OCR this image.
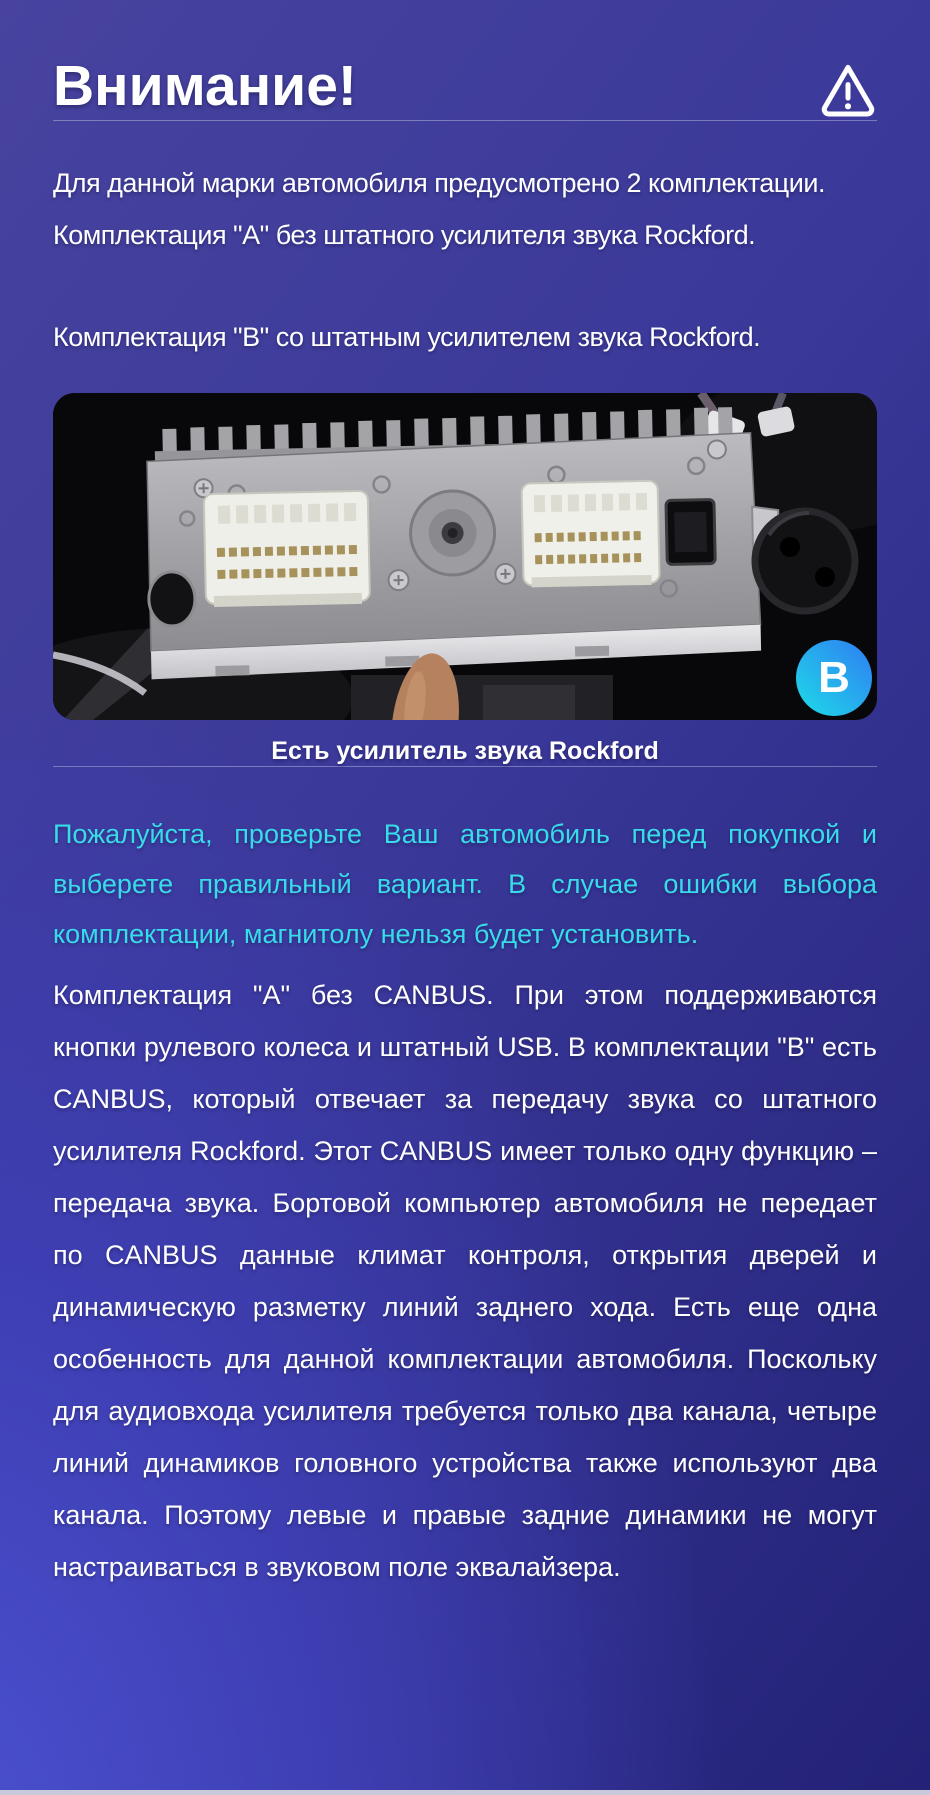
Внимание!

Для данной марки автомобиля предусмотрено 2 комплектации.
Комплектация "А" без штатного усилителя звука Rockford.

Комплектация "В" со штатным усилителем звука Rockford.

B
Есть усилитель звука Rockford

Пожалуйста, проверьте Ваш автомобиль перед покупкой и выберете правильный вариант. В случае ошибки выбора комплектации, магнитолу нельзя будет установить.

Комплектация "А" без CANBUS. При этом поддерживаются кнопки рулевого колеса и штатный USB. В комплектации "В" есть CANBUS, который отвечает за передачу звука со штатного усилителя Rockford. Этот CANBUS имеет только одну функцию – передача звука. Бортовой компьютер автомобиля не передает по CANBUS данные климат контроля, открытия дверей и динамическую разметку линий заднего хода. Есть еще одна особенность для данной комплектации автомобиля. Поскольку для аудиовхода усилителя требуется только два канала, четыре линий динамиков головного устройства также используют два канала. Поэтому левые и правые задние динамики не могут настраиваться в звуковом поле эквалайзера.
